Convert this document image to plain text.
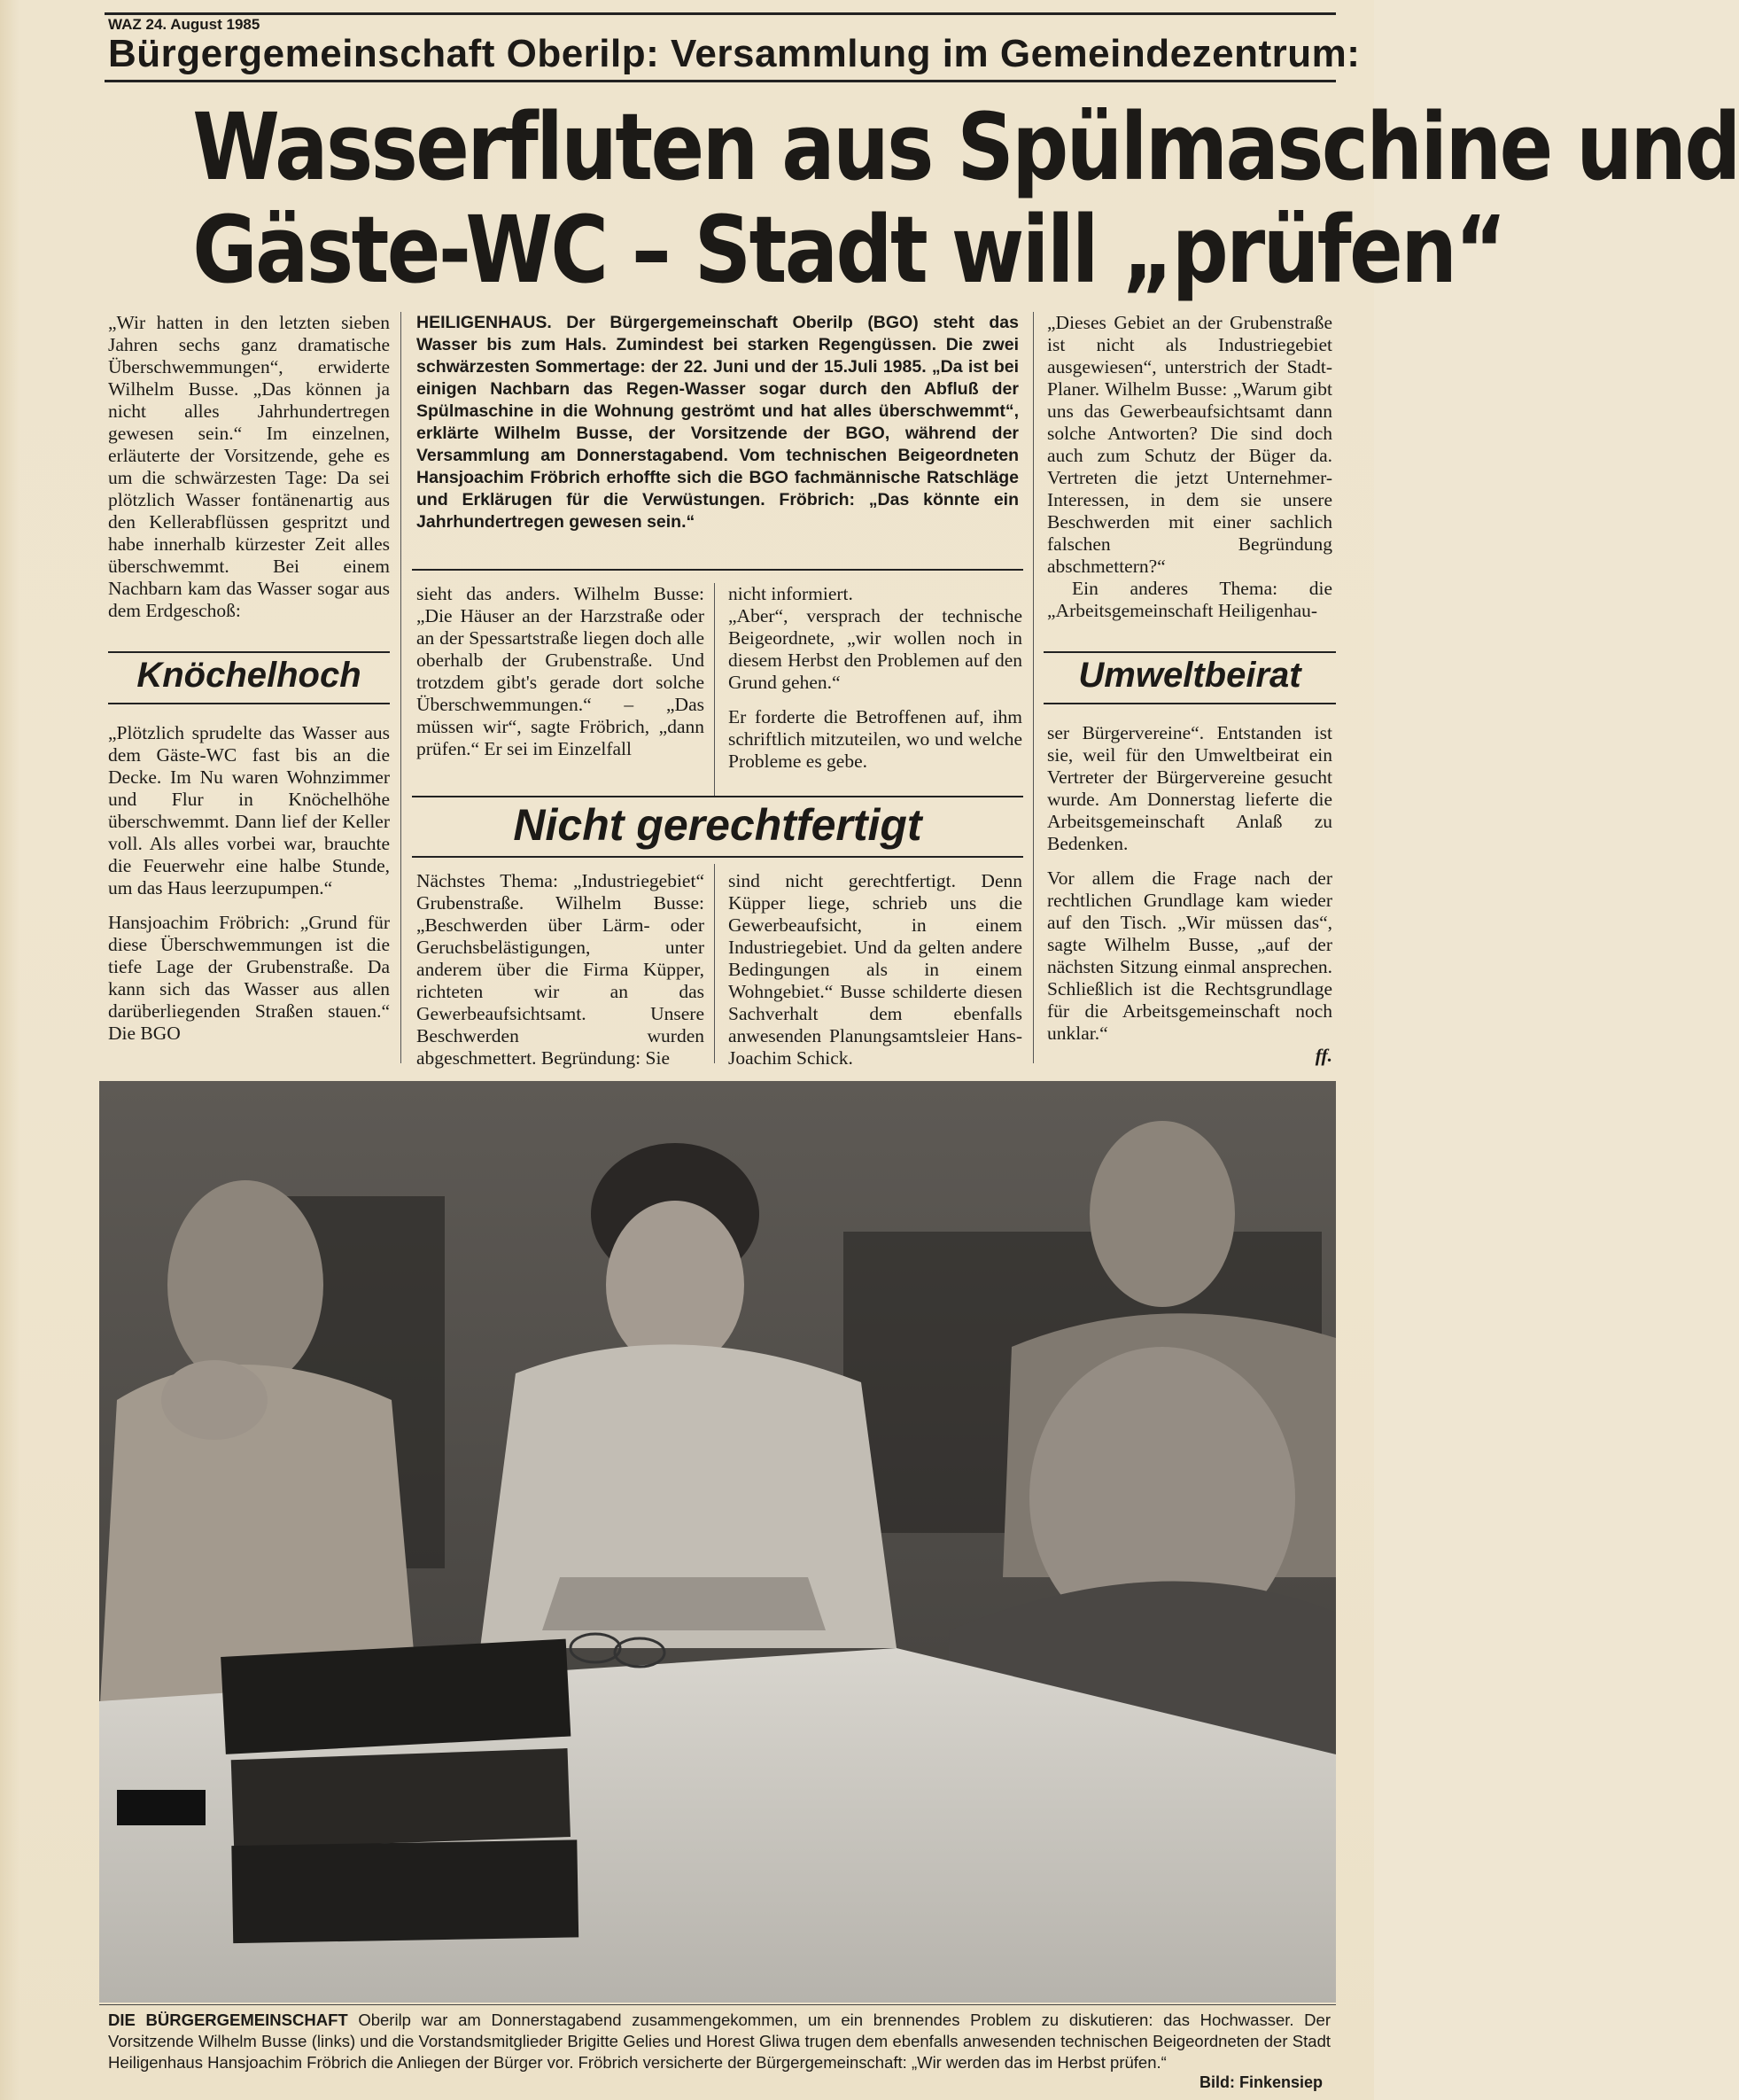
WAZ 24. August 1985
Bürgergemeinschaft Oberilp: Versammlung im Gemeindezentrum:
Wasserfluten aus Spülmaschine und
Gäste-WC – Stadt will „prüfen“

„Wir hatten in den letzten sieben Jahren sechs ganz dramatische Überschwemmungen“, erwiderte Wilhelm Busse. „Das können ja nicht alles Jahrhundertregen gewesen sein.“ Im einzelnen, erläuterte der Vorsitzende, gehe es um die schwärzesten Tage: Da sei plötzlich Wasser fontänenartig aus den Kellerabflüssen gespritzt und habe innerhalb kürzester Zeit alles überschwemmt. Bei einem Nachbarn kam das Wasser sogar aus dem Erdgeschoß:

Knöchelhoch

„Plötzlich sprudelte das Wasser aus dem Gäste-WC fast bis an die Decke. Im Nu waren Wohnzimmer und Flur in Knöchelhöhe überschwemmt. Dann lief der Keller voll. Als alles vorbei war, brauchte die Feuerwehr eine halbe Stunde, um das Haus leerzupumpen.“

Hansjoachim Fröbrich: „Grund für diese Überschwemmungen ist die tiefe Lage der Grubenstraße. Da kann sich das Wasser aus allen darüberliegenden Straßen stauen.“ Die BGO

HEILIGENHAUS. Der Bürgergemeinschaft Oberilp (BGO) steht das Wasser bis zum Hals. Zumindest bei starken Regengüssen. Die zwei schwärzesten Sommertage: der 22. Juni und der 15.Juli 1985. „Da ist bei einigen Nachbarn das Regen-Wasser sogar durch den Abfluß der Spülmaschine in die Wohnung geströmt und hat alles überschwemmt“, erklärte Wilhelm Busse, der Vorsitzende der BGO, während der Versammlung am Donnerstagabend. Vom technischen Beigeordneten Hansjoachim Fröbrich erhoffte sich die BGO fachmännische Ratschläge und Erklärugen für die Verwüstungen. Fröbrich: „Das könnte ein Jahrhundertregen gewesen sein.“

sieht das anders. Wilhelm Busse: „Die Häuser an der Harzstraße oder an der Spessartstraße liegen doch alle oberhalb der Grubenstraße. Und trotzdem gibt's gerade dort solche Überschwemmungen.“ – „Das müssen wir“, sagte Fröbrich, „dann prüfen.“ Er sei im Einzelfall

nicht informiert.

„Aber“, versprach der technische Beigeordnete, „wir wollen noch in diesem Herbst den Problemen auf den Grund gehen.“

Er forderte die Betroffenen auf, ihm schriftlich mitzuteilen, wo und welche Probleme es gebe.

Nicht gerechtfertigt

Nächstes Thema: „Industriegebiet“ Grubenstraße. Wilhelm Busse: „Beschwerden über Lärm- oder Geruchsbelästigungen, unter anderem über die Firma Küpper, richteten wir an das Gewerbeaufsichtsamt. Unsere Beschwerden wurden abgeschmettert. Begründung: Sie

sind nicht gerechtfertigt. Denn Küpper liege, schrieb uns die Gewerbeaufsicht, in einem Industriegebiet. Und da gelten andere Bedingungen als in einem Wohngebiet.“ Busse schilderte diesen Sachverhalt dem ebenfalls anwesenden Planungsamtsleier Hans-Joachim Schick.

„Dieses Gebiet an der Grubenstraße ist nicht als Industriegebiet ausgewiesen“, unterstrich der Stadt-Planer. Wilhelm Busse: „Warum gibt uns das Gewerbeaufsichtsamt dann solche Antworten? Die sind doch auch zum Schutz der Büger da. Vertreten die jetzt Unternehmer-Interessen, in dem sie unsere Beschwerden mit einer sachlich falschen Begründung abschmettern?“

Ein anderes Thema: die „Arbeitsgemeinschaft Heiligenhau-

Umweltbeirat

ser Bürgervereine“. Entstanden ist sie, weil für den Umweltbeirat ein Vertreter der Bürgervereine gesucht wurde. Am Donnerstag lieferte die Arbeitsgemeinschaft Anlaß zu Bedenken.

Vor allem die Frage nach der rechtlichen Grundlage kam wieder auf den Tisch. „Wir müssen das“, sagte Wilhelm Busse, „auf der nächsten Sitzung einmal ansprechen. Schließlich ist die Rechtsgrundlage für die Arbeitsgemeinschaft noch unklar.“

ff.

DIE BÜRGERGEMEINSCHAFT Oberilp war am Donnerstagabend zusammengekommen, um ein brennendes Problem zu diskutieren: das Hochwasser. Der Vorsitzende Wilhelm Busse (links) und die Vorstandsmitglieder Brigitte Gelies und Horest Gliwa trugen dem ebenfalls anwesenden technischen Beigeordneten der Stadt Heiligenhaus Hansjoachim Fröbrich die Anliegen der Bürger vor. Fröbrich versicherte der Bürgergemeinschaft: „Wir werden das im Herbst prüfen.“
Bild: Finkensiep
